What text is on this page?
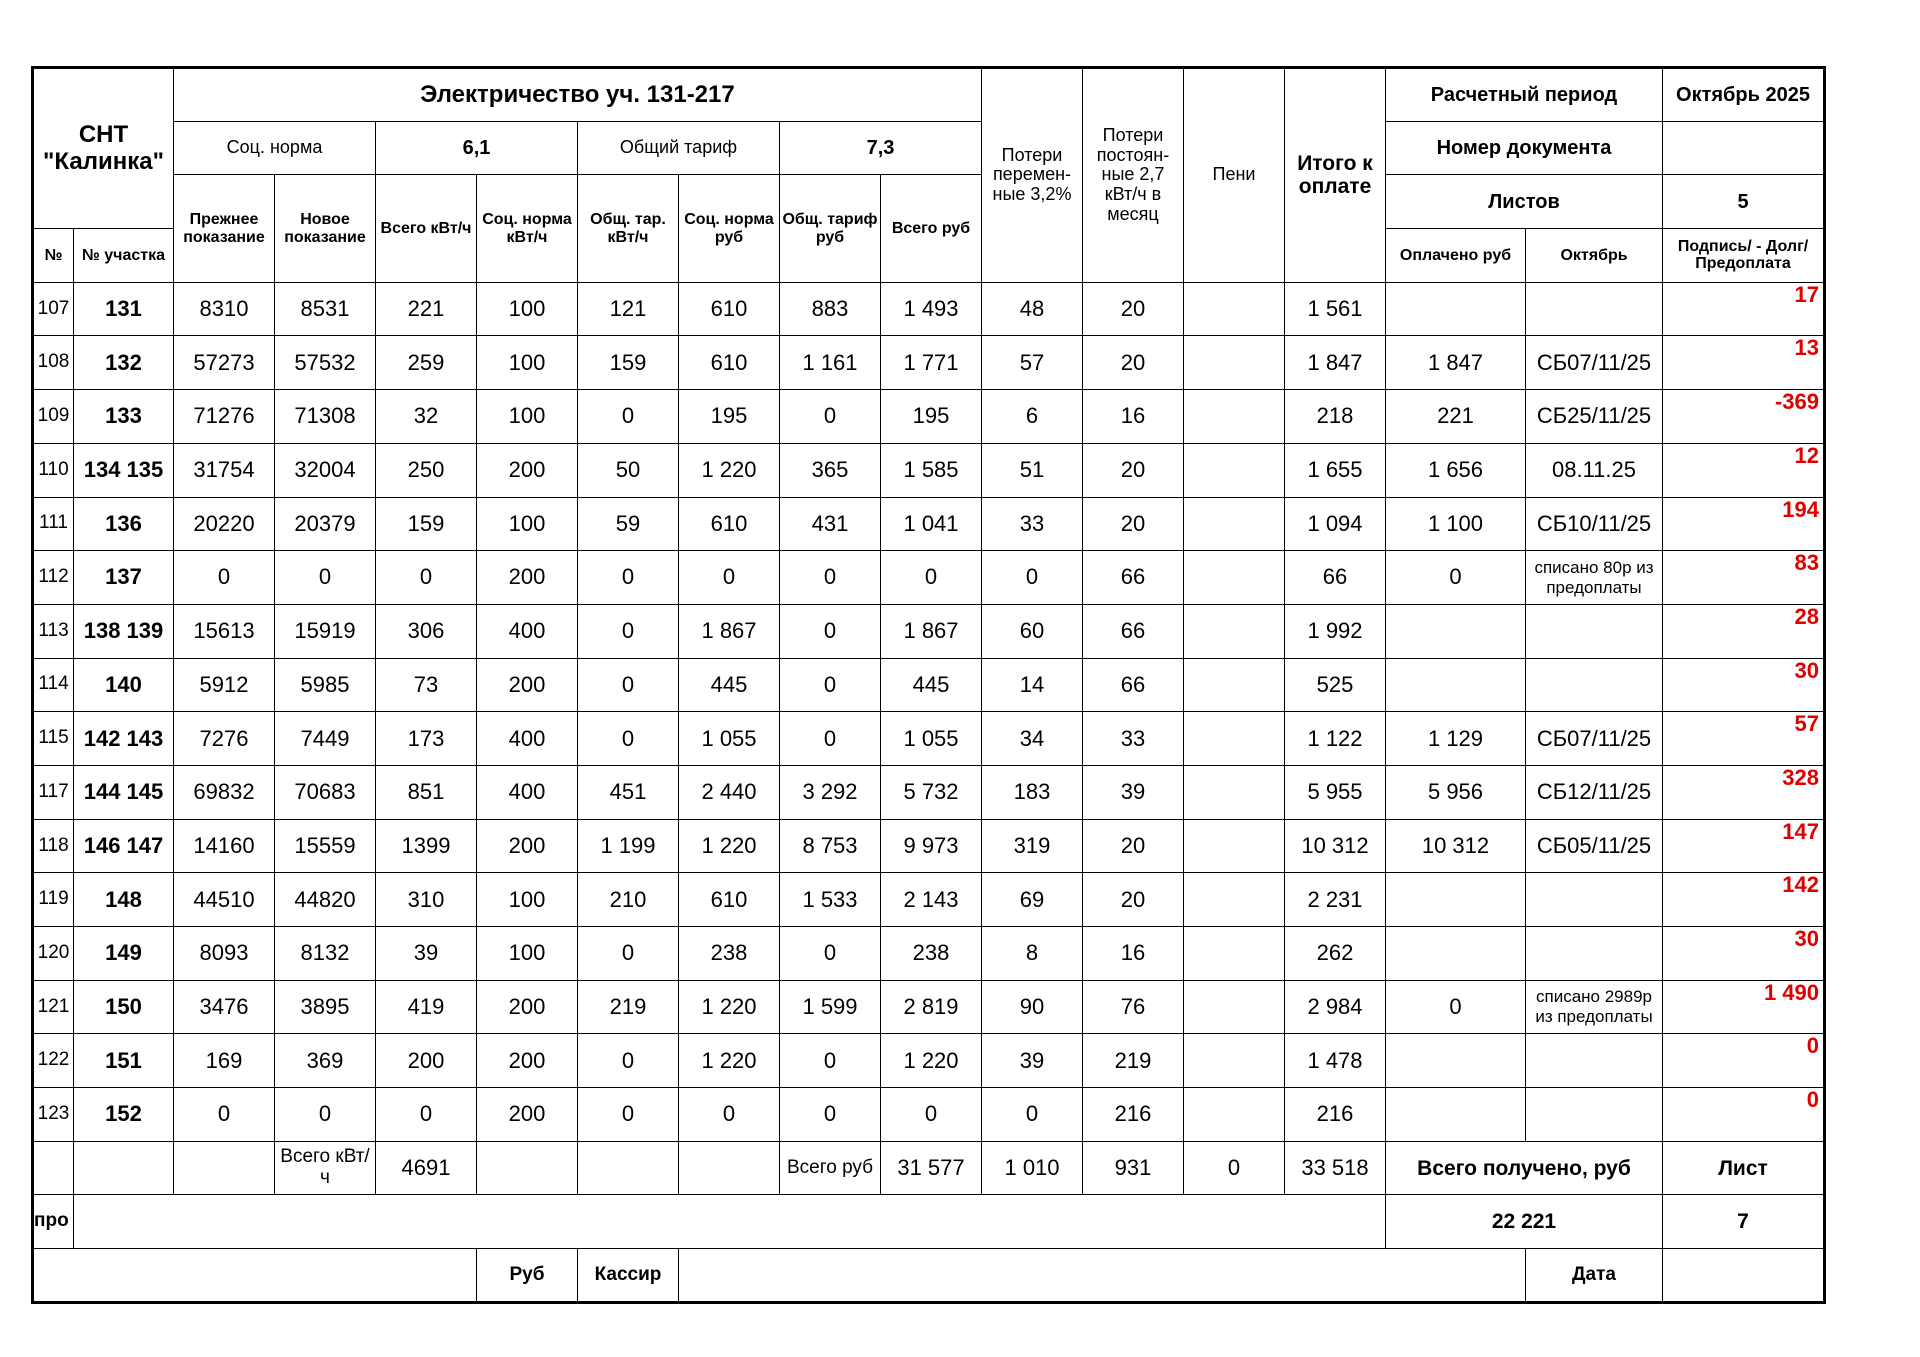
СНТ "Калинка"		Электричество уч. 131-217								Потери перемен-ные 3,2%	Потери постоян-ные 2,7 кВт/ч в месяц	Пени	Итого к оплате	Расчетный период		Октябрь 2025
		Соц. норма		6,1		Общий тариф		7,3						Номер документа		
		Прежнее показание	Новое показание	Всего кВт/ч	Соц. норма кВт/ч	Общ. тар. кВт/ч	Соц. норма руб	Общ. тариф руб	Всего руб					Листов		5
№	№ участка													Оплачено руб	Октябрь	Подпись/ - Долг/Предоплата
107	131	8310	8531	221	100	121	610	883	1 493	48	20		1 561			17
108	132	57273	57532	259	100	159	610	1 161	1 771	57	20		1 847	1 847	СБ07/11/25	13
109	133	71276	71308	32	100	0	195	0	195	6	16		218	221	СБ25/11/25	-369
110	134 135	31754	32004	250	200	50	1 220	365	1 585	51	20		1 655	1 656	08.11.25	12
111	136	20220	20379	159	100	59	610	431	1 041	33	20		1 094	1 100	СБ10/11/25	194
112	137	0	0	0	200	0	0	0	0	0	66		66	0	списано 80р из предоплаты	83
113	138 139	15613	15919	306	400	0	1 867	0	1 867	60	66		1 992			28
114	140	5912	5985	73	200	0	445	0	445	14	66		525			30
115	142 143	7276	7449	173	400	0	1 055	0	1 055	34	33		1 122	1 129	СБ07/11/25	57
117	144 145	69832	70683	851	400	451	2 440	3 292	5 732	183	39		5 955	5 956	СБ12/11/25	328
118	146 147	14160	15559	1399	200	1 199	1 220	8 753	9 973	319	20		10 312	10 312	СБ05/11/25	147
119	148	44510	44820	310	100	210	610	1 533	2 143	69	20		2 231			142
120	149	8093	8132	39	100	0	238	0	238	8	16		262			30
121	150	3476	3895	419	200	219	1 220	1 599	2 819	90	76		2 984	0	списано 2989р из предоплаты	1 490
122	151	169	369	200	200	0	1 220	0	1 220	39	219		1 478			0
123	152	0	0	0	200	0	0	0	0	0	216		216			0
			Всего кВт/ч	4691				Всего руб	31 577	1 010	931	0	33 518	Всего получено, руб		Лист
про														22 221		7
					Руб	Кассир									Дата	
